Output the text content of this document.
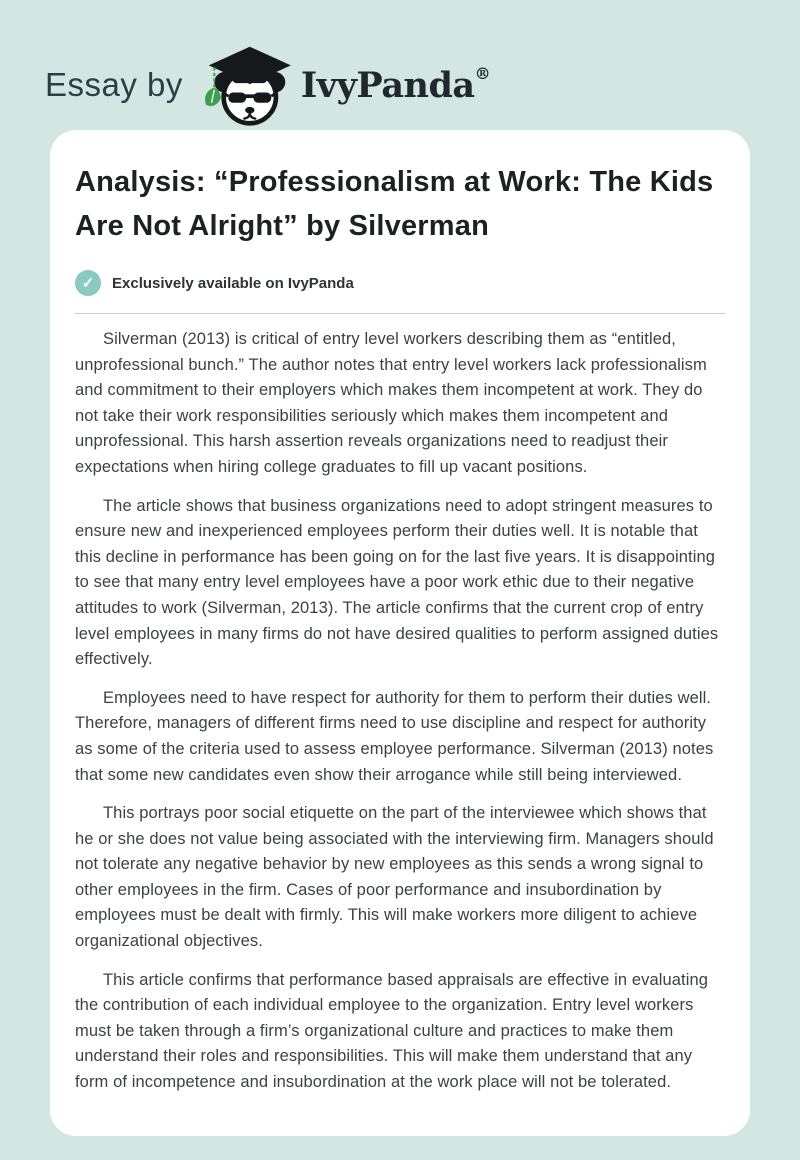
Essay by	IvyPanda®
Analysis: “Professionalism at Work: The Kids Are Not Alright” by Silverman
✓	Exclusively available on IvyPanda

Silverman (2013) is critical of entry level workers describing them as “entitled, unprofessional bunch.” The author notes that entry level workers lack professionalism and commitment to their employers which makes them incompetent at work. They do not take their work responsibilities seriously which makes them incompetent and unprofessional. This harsh assertion reveals organizations need to readjust their expectations when hiring college graduates to fill up vacant positions.

The article shows that business organizations need to adopt stringent measures to ensure new and inexperienced employees perform their duties well. It is notable that this decline in performance has been going on for the last five years. It is disappointing to see that many entry level employees have a poor work ethic due to their negative attitudes to work (Silverman, 2013). The article confirms that the current crop of entry level employees in many firms do not have desired qualities to perform assigned duties effectively.

Employees need to have respect for authority for them to perform their duties well. Therefore, managers of different firms need to use discipline and respect for authority as some of the criteria used to assess employee performance. Silverman (2013) notes that some new candidates even show their arrogance while still being interviewed.

This portrays poor social etiquette on the part of the interviewee which shows that he or she does not value being associated with the interviewing firm. Managers should not tolerate any negative behavior by new employees as this sends a wrong signal to other employees in the firm. Cases of poor performance and insubordination by employees must be dealt with firmly. This will make workers more diligent to achieve organizational objectives.

This article confirms that performance based appraisals are effective in evaluating the contribution of each individual employee to the organization. Entry level workers must be taken through a firm’s organizational culture and practices to make them understand their roles and responsibilities. This will make them understand that any form of incompetence and insubordination at the work place will not be tolerated.
